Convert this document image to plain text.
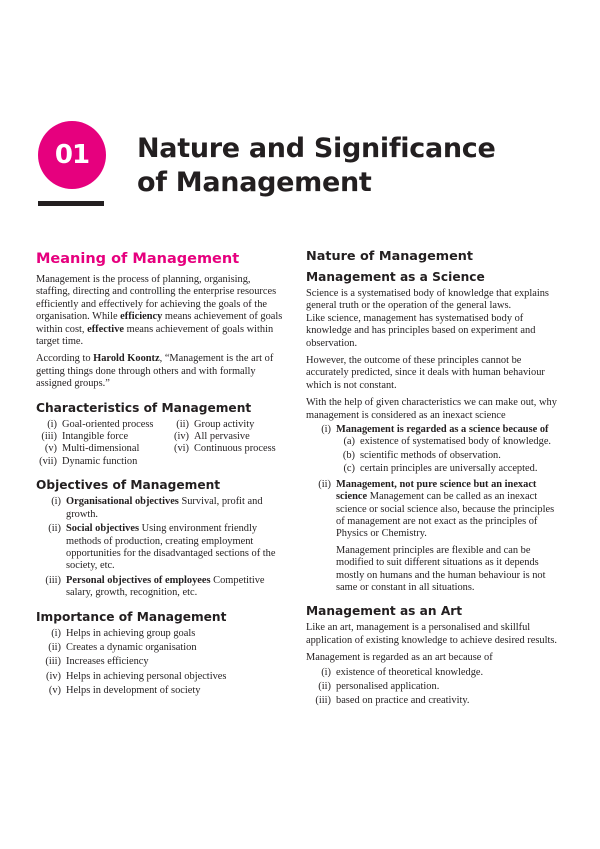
01	Nature and Significance
of Management
Meaning of Management

Management is the process of planning, organising, staffing, directing and controlling the enterprise resources efficiently and effectively for achieving the goals of the organisation. While efficiency means achievement of goals within cost, effective means achievement of goals within target time.

According to Harold Koontz, “Management is the art of getting things done through others and with formally assigned groups.”

Characteristics of Management
(i) Goal-oriented process	(ii) Group activity
(iii) Intangible force	(iv) All pervasive
(v) Multi-dimensional	(vi) Continuous process
(vii) Dynamic function
Objectives of Management
(i) Organisational objectives Survival, profit and growth.
(ii) Social objectives Using environment friendly methods of production, creating employment opportunities for the disadvantaged sections of the society, etc.
(iii) Personal objectives of employees Competitive salary, growth, recognition, etc.
Importance of Management
(i) Helps in achieving group goals
(ii) Creates a dynamic organisation
(iii) Increases efficiency
(iv) Helps in achieving personal objectives
(v) Helps in development of society
Nature of Management
Management as a Science

Science is a systematised body of knowledge that explains general truth or the operation of the general laws.

Like science, management has systematised body of knowledge and has principles based on experiment and observation.

However, the outcome of these principles cannot be accurately predicted, since it deals with human behaviour which is not constant.

With the help of given characteristics we can make out, why management is considered as an inexact science

(i) Management is regarded as a science because of
(a) existence of systematised body of knowledge.
(b) scientific methods of observation.
(c) certain principles are universally accepted.
(ii) Management, not pure science but an inexact science Management can be called as an inexact science or social science also, because the principles of management are not exact as the principles of Physics or Chemistry.

Management principles are flexible and can be modified to suit different situations as it depends mostly on humans and the human behaviour is not same or constant in all situations.

Management as an Art

Like an art, management is a personalised and skillful application of existing knowledge to achieve desired results.

Management is regarded as an art because of

(i) existence of theoretical knowledge.
(ii) personalised application.
(iii) based on practice and creativity.
